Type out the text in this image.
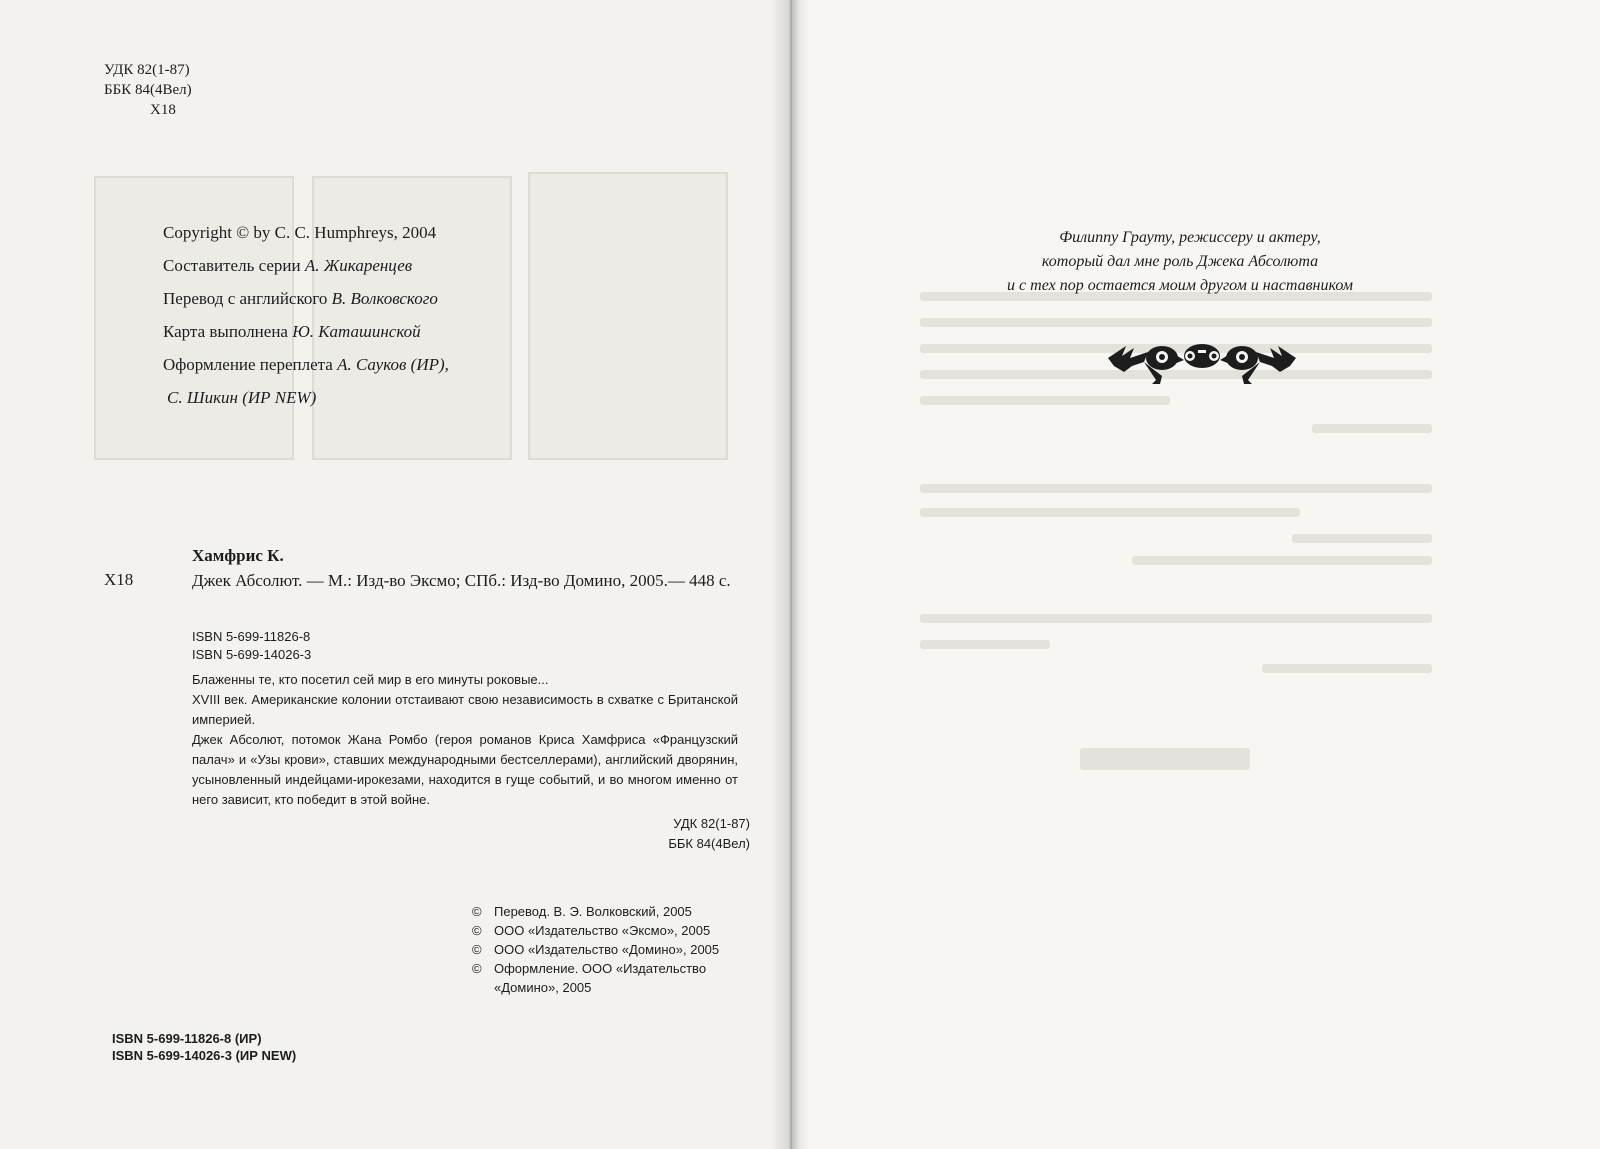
УДК 82(1-87)
ББК 84(4Вел)
Х18
Copyright © by C. C. Humphreys, 2004
Составитель серии А. Жикаренцев
Перевод с английского В. Волковского
Карта выполнена Ю. Каташинской
Оформление переплета А. Сауков (ИР),
С. Шикин (ИР NEW)
Хамфрис К.
Х18	Джек Абсолют. — М.: Изд-во Эксмо; СПб.: Изд-во Домино, 2005.— 448 с.
ISBN 5-699-11826-8
ISBN 5-699-14026-3

Блаженны те, кто посетил сей мир в его минуты роковые...

XVIII век. Американские колонии отстаивают свою независимость в схватке с Британской империей.

Джек Абсолют, потомок Жана Ромбо (героя романов Криса Хамфриса «Французский палач» и «Узы крови», ставших международными бестселлерами), английский дворянин, усыновленный индейцами-ирокезами, находится в гуще событий, и во многом именно от него зависит, кто победит в этой войне.

УДК 82(1-87)
ББК 84(4Вел)
© Перевод. В. Э. Волковский, 2005
© ООО «Издательство «Эксмо», 2005
© ООО «Издательство «Домино», 2005
© Оформление. ООО «Издательство «Домино», 2005
ISBN 5-699-11826-8 (ИР)
ISBN 5-699-14026-3 (ИР NEW)
Филиппу Грауту, режиссеру и актеру,
который дал мне роль Джека Абсолюта
и с тех пор остается моим другом и наставником
